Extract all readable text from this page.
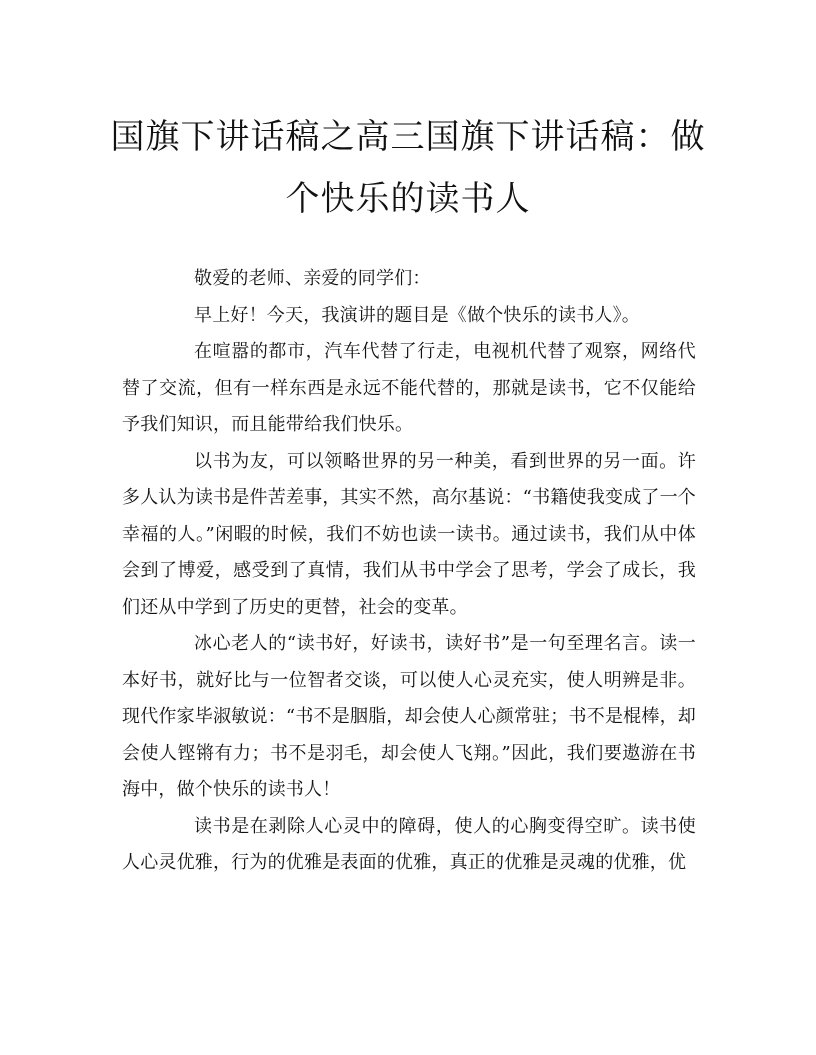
国旗下讲话稿之高三国旗下讲话稿：做个快乐的读书人

敬爱的老师、亲爱的同学们：

早上好！今天，我演讲的题目是《做个快乐的读书人》。

在喧嚣的都市，汽车代替了行走，电视机代替了观察，网络代替了交流，但有一样东西是永远不能代替的，那就是读书，它不仅能给予我们知识，而且能带给我们快乐。

以书为友，可以领略世界的另一种美，看到世界的另一面。许多人认为读书是件苦差事，其实不然，高尔基说：“书籍使我变成了一个幸福的人。”闲暇的时候，我们不妨也读一读书。通过读书，我们从中体会到了博爱，感受到了真情，我们从书中学会了思考，学会了成长，我们还从中学到了历史的更替，社会的变革。

冰心老人的“读书好，好读书，读好书”是一句至理名言。读一本好书，就好比与一位智者交谈，可以使人心灵充实，使人明辨是非。现代作家毕淑敏说：“书不是胭脂，却会使人心颜常驻；书不是棍棒，却会使人铿锵有力；书不是羽毛，却会使人飞翔。”因此，我们要遨游在书海中，做个快乐的读书人！

读书是在剥除人心灵中的障碍，使人的心胸变得空旷。读书使人心灵优雅，行为的优雅是表面的优雅，真正的优雅是灵魂的优雅，优
